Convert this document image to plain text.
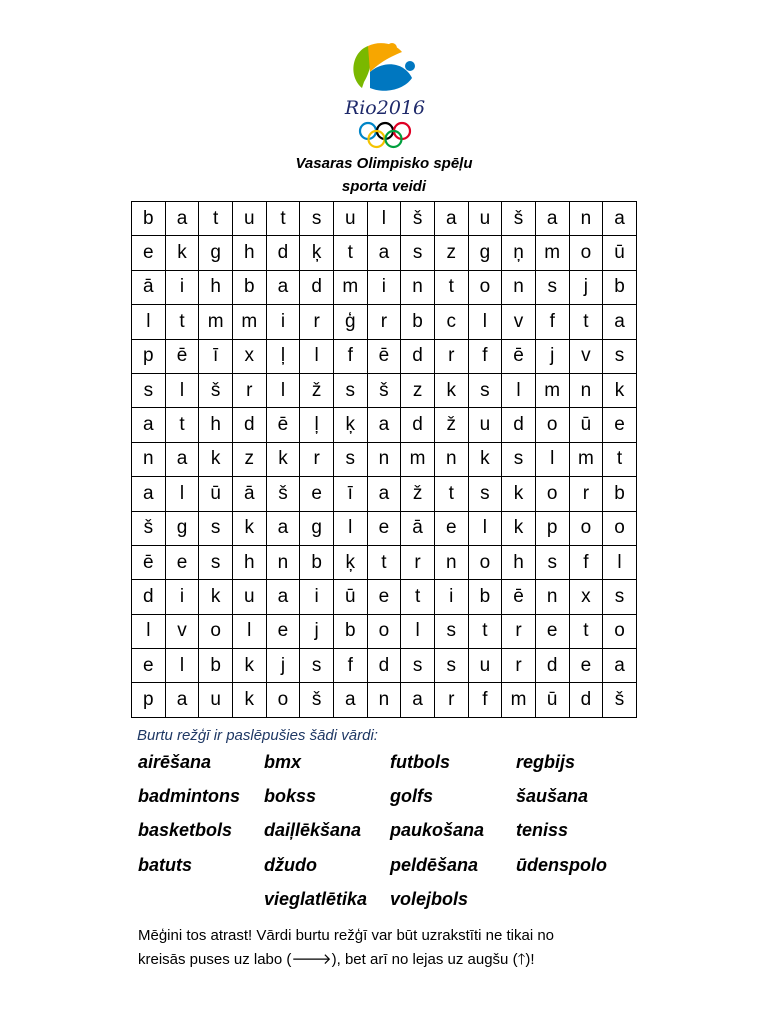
Rio2016
Vasaras Olimpisko spēļu
sporta veidi
b	a	t	u	t	s	u	l	š	a	u	š	a	n	a
e	k	g	h	d	ķ	t	a	s	z	g	ņ	m	o	ū
ā	i	h	b	a	d	m	i	n	t	o	n	s	j	b
l	t	m m	i	r	ģ	r	b	c	l	v	f	t	a
p	ē	ī	x	ļ	l	f	ē	d	r	f	ē	j	v	s
s	l	š	r	l	ž	s	š	z	k	s	l	m	n	k
a	t	h	d	ē	ļ	ķ	a	d	ž	u	d	o	ū	e
n	a	k	z	k	r	s	n	m	n	k	s	l	m	t
a	l	ū	ā	š	e	ī	a	ž	t	s	k	o	r	b
š	g	s	k	a	g	l	e	ā	e	l	k	p	o	o
ē	e	s	h	n	b	ķ	t	r	n	o	h	s	f	l
d	i	k	u	a	i	ū	e	t	i	b	ē	n	x	s
l	v	o	l	e	j	b	o	l	s	t	r	e	t	o
e	l	b	k	j	s	f	d	s	s	u	r	d	e	a
p	a	u	k	o	š	a	n	a	r	f	m	ū	d	š
Burtu režģī ir paslēpušies šādi vārdi:
airēšana
badmintons
basketbols
batuts
bmx
bokss
daiļlēkšana
džudo
vieglatlētika
futbols
golfs
paukošana
peldēšana
volejbols
regbijs
šaušana
teniss
ūdenspolo
Mēģini tos atrast! Vārdi burtu režģī var būt uzrakstīti ne tikai no
kreisās puses uz labo (🡒), bet arī no lejas uz augšu (🡑)!
